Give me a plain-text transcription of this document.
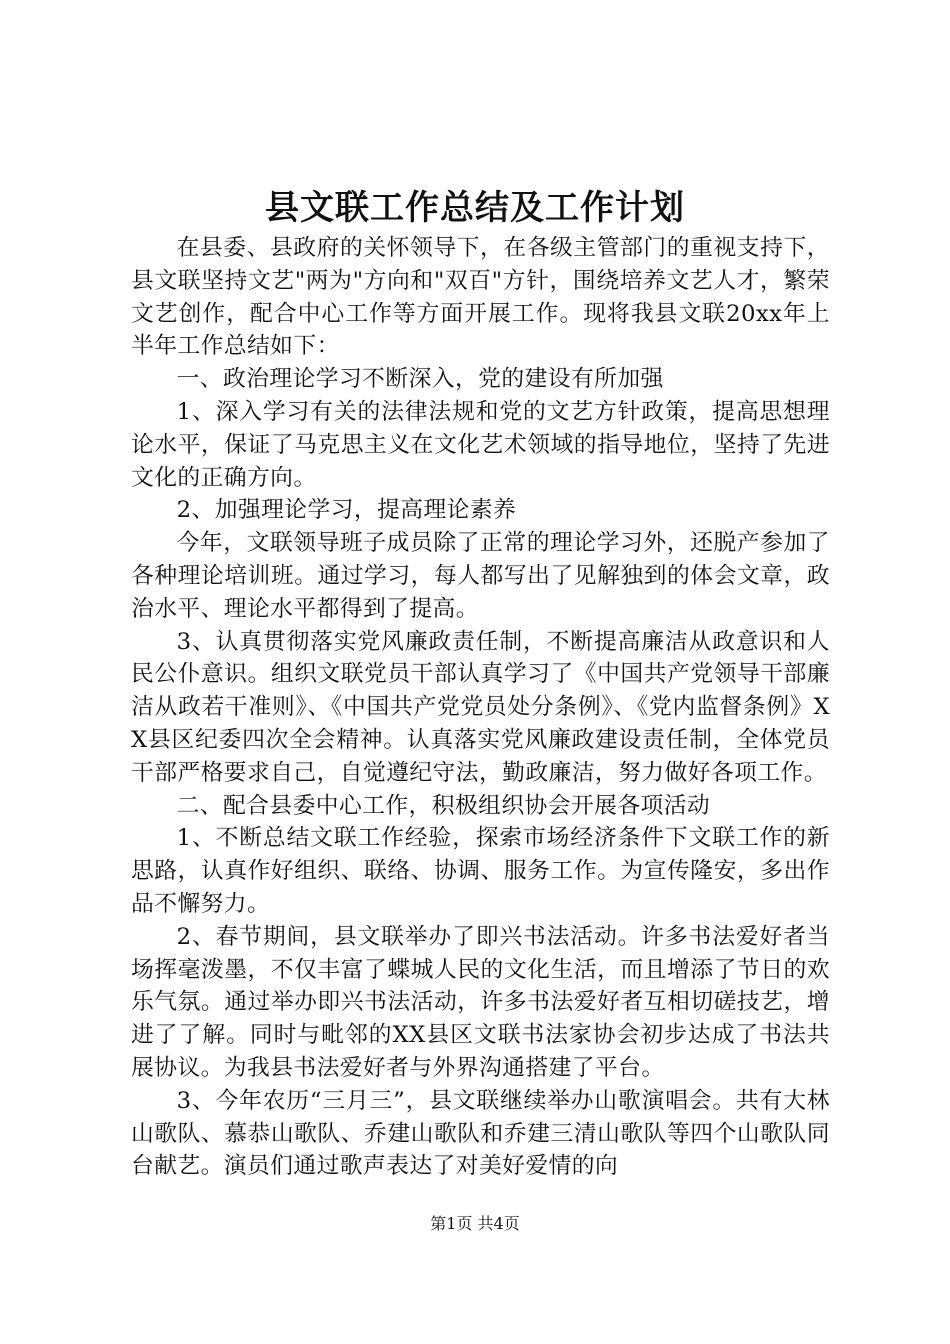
县文联工作总结及工作计划

在县委、县政府的关怀领导下，在各级主管部门的重视支持下，县文联坚持文艺"两为"方向和"双百"方针，围绕培养文艺人才，繁荣文艺创作，配合中心工作等方面开展工作。现将我县文联20xx年上半年工作总结如下：

一、政治理论学习不断深入，党的建设有所加强

1、深入学习有关的法律法规和党的文艺方针政策，提高思想理论水平，保证了马克思主义在文化艺术领域的指导地位，坚持了先进文化的正确方向。

2、加强理论学习，提高理论素养

今年，文联领导班子成员除了正常的理论学习外，还脱产参加了各种理论培训班。通过学习，每人都写出了见解独到的体会文章，政治水平、理论水平都得到了提高。

3、认真贯彻落实党风廉政责任制，不断提高廉洁从政意识和人民公仆意识。组织文联党员干部认真学习了《中国共产党领导干部廉洁从政若干准则》、《中国共产党党员处分条例》、《党内监督条例》XX县区纪委四次全会精神。认真落实党风廉政建设责任制，全体党员干部严格要求自己，自觉遵纪守法，勤政廉洁，努力做好各项工作。

二、配合县委中心工作，积极组织协会开展各项活动

1、不断总结文联工作经验，探索市场经济条件下文联工作的新思路，认真作好组织、联络、协调、服务工作。为宣传隆安，多出作品不懈努力。

2、春节期间，县文联举办了即兴书法活动。许多书法爱好者当场挥毫泼墨，不仅丰富了蝶城人民的文化生活，而且增添了节日的欢乐气氛。通过举办即兴书法活动，许多书法爱好者互相切磋技艺，增进了了解。同时与毗邻的XX县区文联书法家协会初步达成了书法共展协议。为我县书法爱好者与外界沟通搭建了平台。

3、今年农历“三月三”，县文联继续举办山歌演唱会。共有大林山歌队、慕恭山歌队、乔建山歌队和乔建三清山歌队等四个山歌队同台献艺。演员们通过歌声表达了对美好爱情的向

第1页 共4页
